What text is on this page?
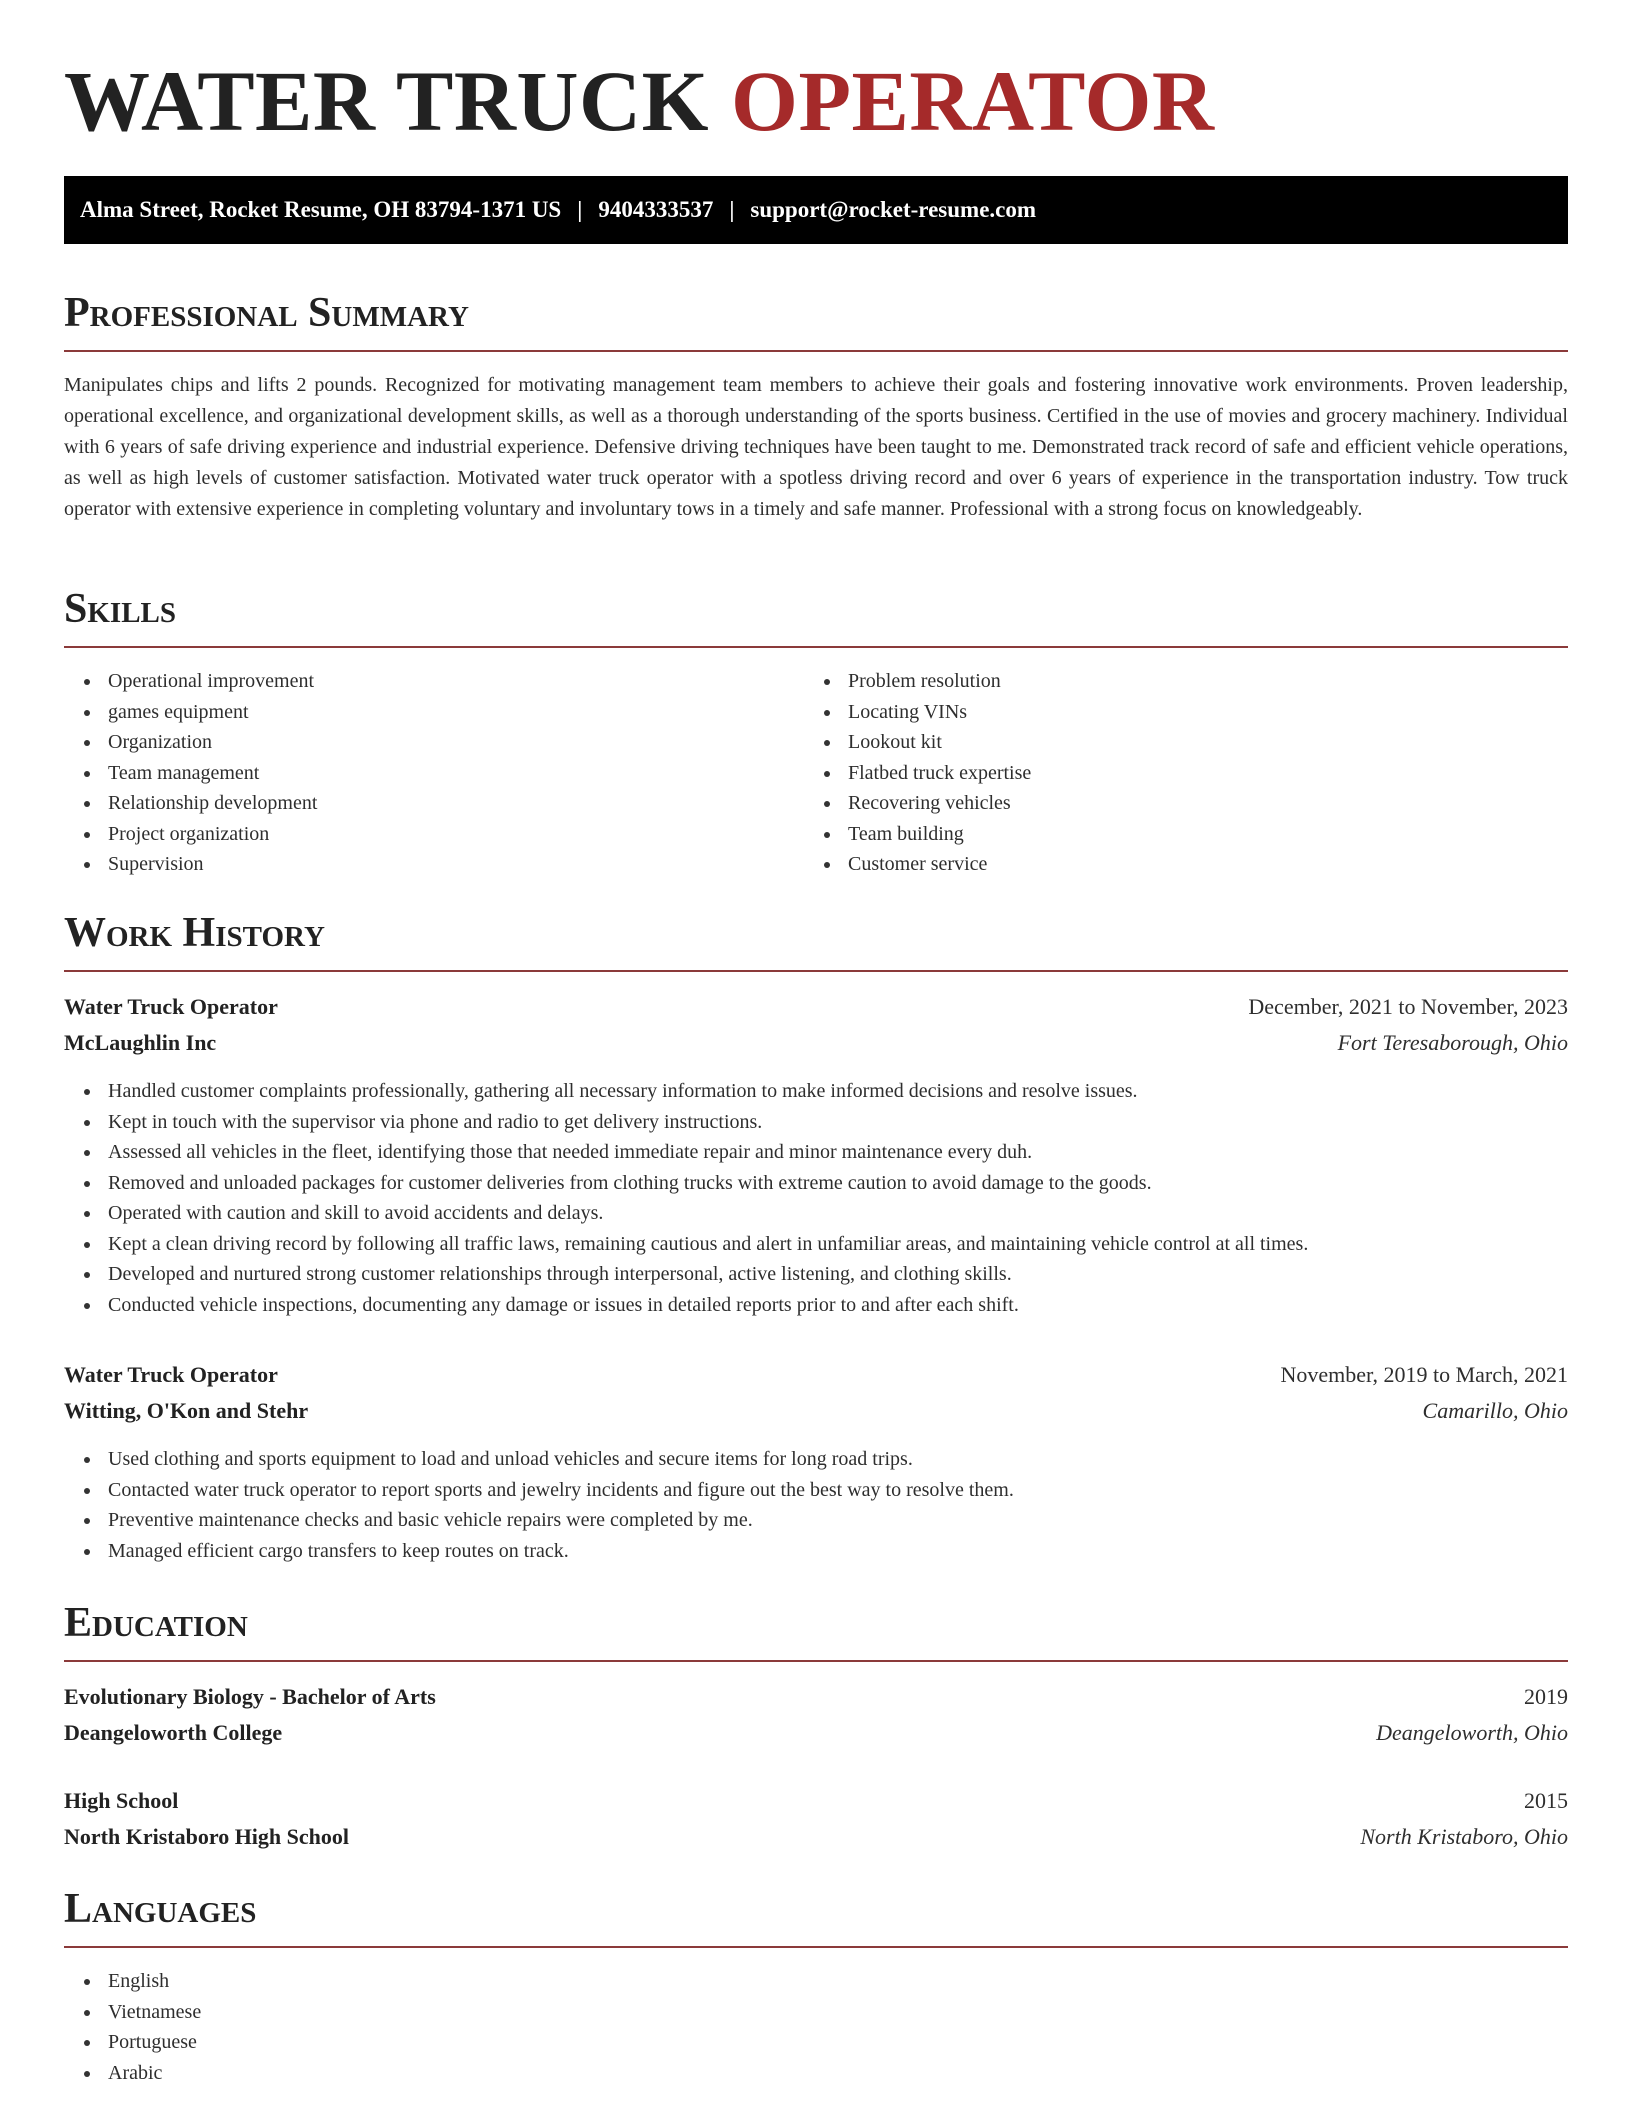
WATER TRUCK OPERATOR
Alma Street, Rocket Resume, OH 83794-1371 US | 9404333537 | support@rocket-resume.com
Professional Summary

Manipulates chips and lifts 2 pounds. Recognized for motivating management team members to achieve their goals and fostering innovative work environments. Proven leadership, operational excellence, and organizational development skills, as well as a thorough understanding of the sports business. Certified in the use of movies and grocery machinery. Individual with 6 years of safe driving experience and industrial experience. Defensive driving techniques have been taught to me. Demonstrated track record of safe and efficient vehicle operations, as well as high levels of customer satisfaction. Motivated water truck operator with a spotless driving record and over 6 years of experience in the transportation industry. Tow truck operator with extensive experience in completing voluntary and involuntary tows in a timely and safe manner. Professional with a strong focus on knowledgeably.

Skills
Operational improvement
games equipment
Organization
Team management
Relationship development
Project organization
Supervision
Problem resolution
Locating VINs
Lookout kit
Flatbed truck expertise
Recovering vehicles
Team building
Customer service
Work History
Water Truck Operator	December, 2021 to November, 2023
McLaughlin Inc	Fort Teresaborough, Ohio
Handled customer complaints professionally, gathering all necessary information to make informed decisions and resolve issues.
Kept in touch with the supervisor via phone and radio to get delivery instructions.
Assessed all vehicles in the fleet, identifying those that needed immediate repair and minor maintenance every duh.
Removed and unloaded packages for customer deliveries from clothing trucks with extreme caution to avoid damage to the goods.
Operated with caution and skill to avoid accidents and delays.
Kept a clean driving record by following all traffic laws, remaining cautious and alert in unfamiliar areas, and maintaining vehicle control at all times.
Developed and nurtured strong customer relationships through interpersonal, active listening, and clothing skills.
Conducted vehicle inspections, documenting any damage or issues in detailed reports prior to and after each shift.
Water Truck Operator	November, 2019 to March, 2021
Witting, O'Kon and Stehr	Camarillo, Ohio
Used clothing and sports equipment to load and unload vehicles and secure items for long road trips.
Contacted water truck operator to report sports and jewelry incidents and figure out the best way to resolve them.
Preventive maintenance checks and basic vehicle repairs were completed by me.
Managed efficient cargo transfers to keep routes on track.
Education
Evolutionary Biology - Bachelor of Arts	2019
Deangeloworth College	Deangeloworth, Ohio
High School	2015
North Kristaboro High School	North Kristaboro, Ohio
Languages
English
Vietnamese
Portuguese
Arabic
